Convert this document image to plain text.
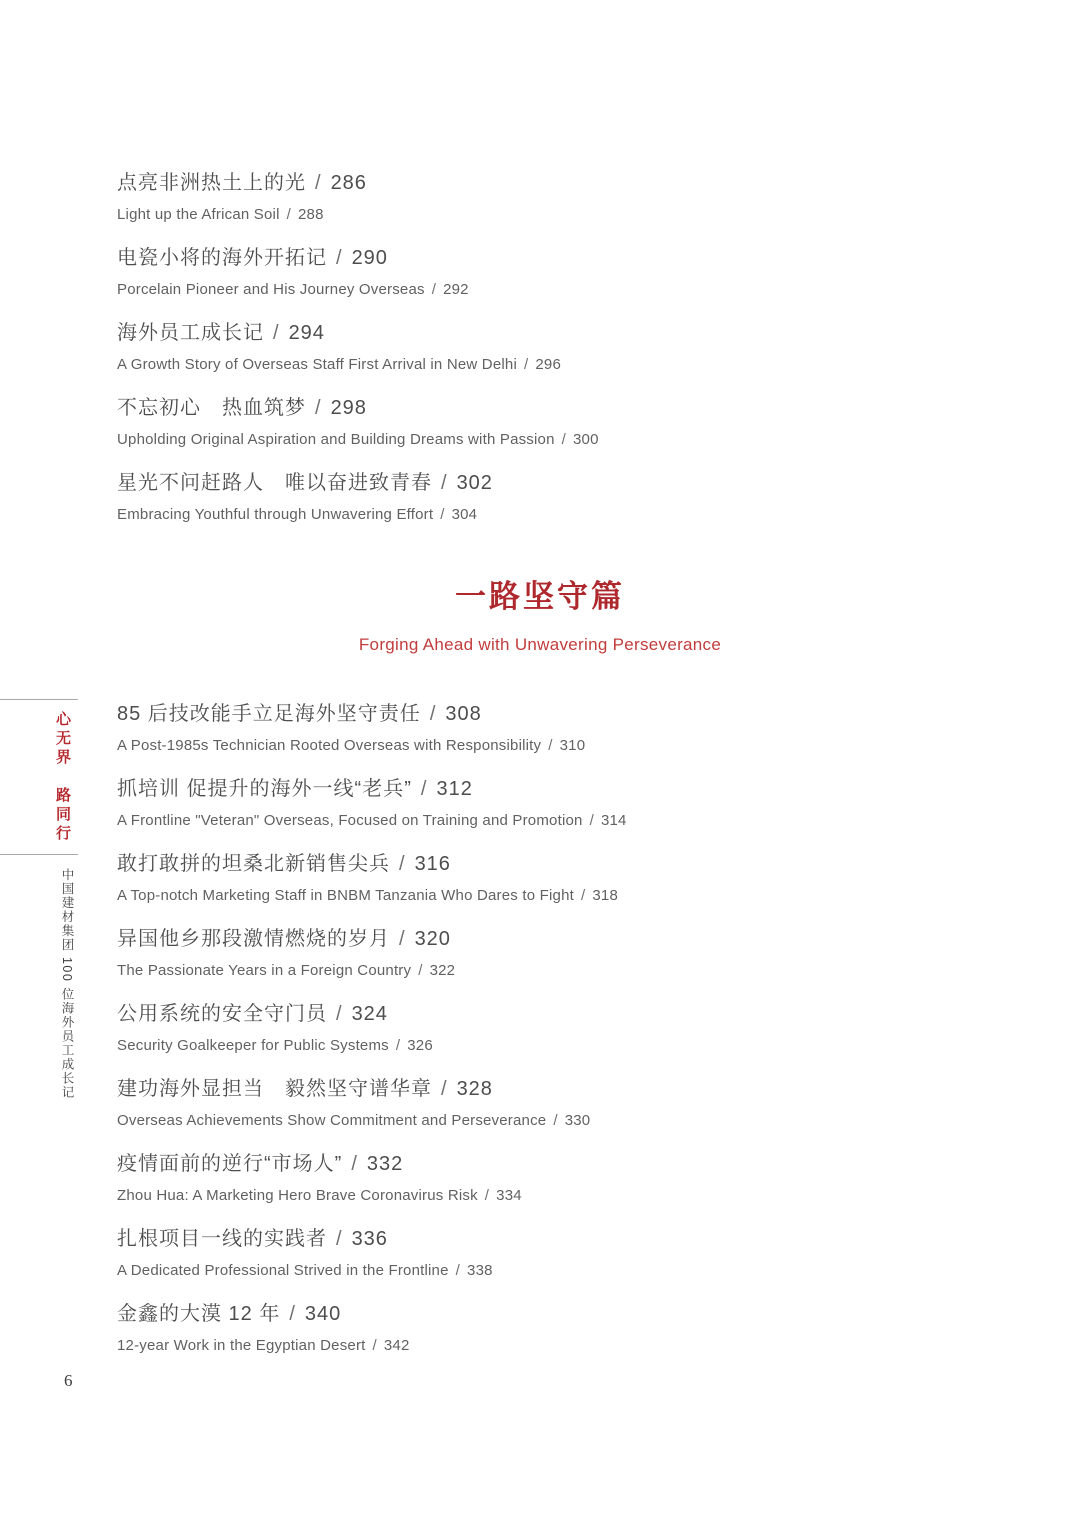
点亮非洲热土上的光 / 286
Light up the African Soil / 288
电瓷小将的海外开拓记 / 290
Porcelain Pioneer and His Journey Overseas / 292
海外员工成长记 / 294
A Growth Story of Overseas Staff First Arrival in New Delhi / 296
不忘初心　热血筑梦 / 298
Upholding Original Aspiration and Building Dreams with Passion / 300
星光不问赶路人　唯以奋进致青春 / 302
Embracing Youthful through Unwavering Effort / 304
一路坚守篇
Forging Ahead with Unwavering Perseverance
85 后技改能手立足海外坚守责任 / 308
A Post-1985s Technician Rooted Overseas with Responsibility / 310
抓培训 促提升的海外一线“老兵” / 312
A Frontline "Veteran" Overseas, Focused on Training and Promotion / 314
敢打敢拼的坦桑北新销售尖兵 / 316
A Top-notch Marketing Staff in BNBM Tanzania Who Dares to Fight / 318
异国他乡那段激情燃烧的岁月 / 320
The Passionate Years in a Foreign Country / 322
公用系统的安全守门员 / 324
Security Goalkeeper for Public Systems / 326
建功海外显担当　毅然坚守谱华章 / 328
Overseas Achievements Show Commitment and Perseverance / 330
疫情面前的逆行“市场人” / 332
Zhou Hua: A Marketing Hero Brave Coronavirus Risk / 334
扎根项目一线的实践者 / 336
A Dedicated Professional Strived in the Frontline / 338
金鑫的大漠 12 年 / 340
12-year Work in the Egyptian Desert / 342
心无界　路同行
中国建材集团 100 位海外员工成长记
6
